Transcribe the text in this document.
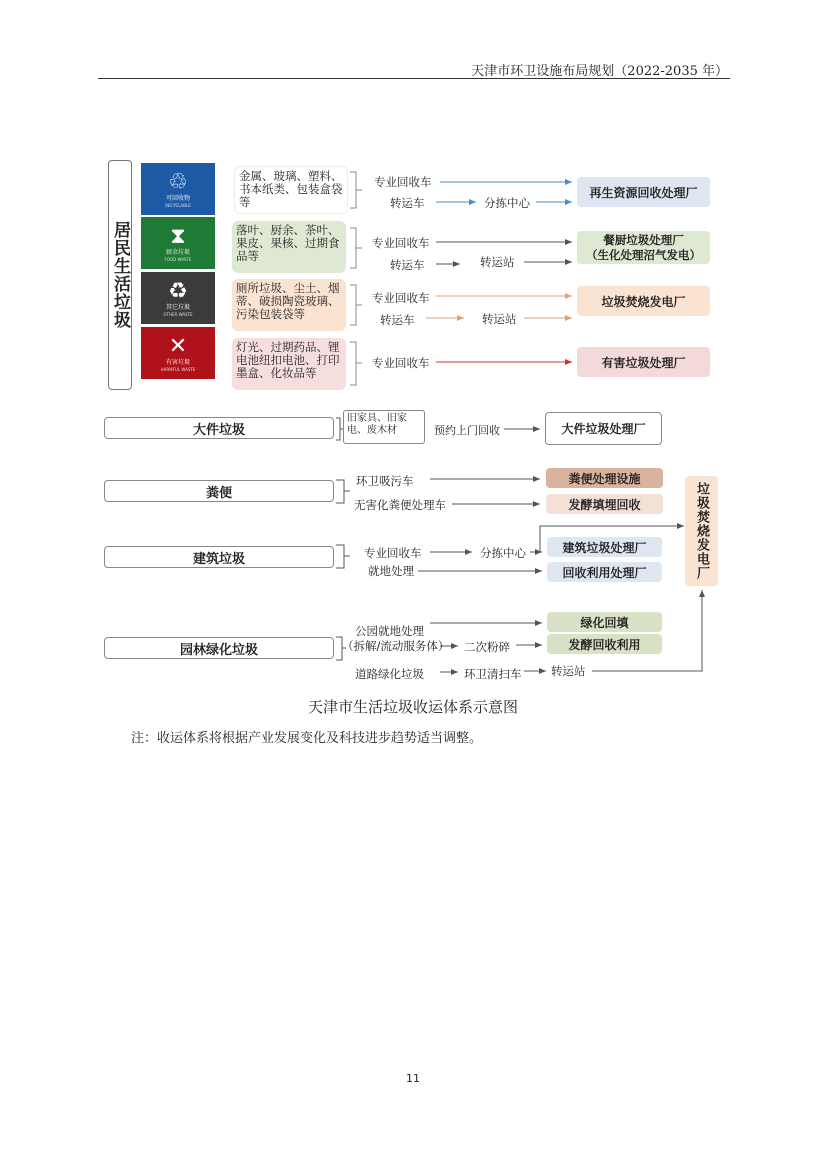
天津市环卫设施布局规划（2022-2035 年）
居民生活垃圾
♲
可回收物
RECYCLABLE
⧗
厨余垃圾
FOOD WASTE
♻
其它垃圾
OTHER WASTE
✕
有害垃圾
HARMFUL WASTE
金属、玻璃、塑料、书本纸类、包装盒袋等
落叶、厨余、茶叶、果皮、果核、过期食品等
厕所垃圾、尘土、烟蒂、破损陶瓷玻璃、污染包装袋等
灯光、过期药品、锂电池纽扣电池、打印墨盒、化妆品等
专业回收车
转运车	分拣中心
专业回收车
转运车	转运站
专业回收车
转运车	转运站
专业回收车
再生资源回收处理厂
餐厨垃圾处理厂
（生化处理沼气发电）
垃圾焚烧发电厂
有害垃圾处理厂
大件垃圾
旧家具、旧家电、废木材	预约上门回收	大件垃圾处理厂
粪便
环卫吸污车
无害化粪便处理车
粪便处理设施
发酵填埋回收
建筑垃圾	专业回收车
就地处理
分拣中心	建筑垃圾处理厂
回收利用处理厂
园林绿化垃圾
公园就地处理
（拆解/流动服务体） 二次粉碎
道路绿化垃圾	环卫清扫车	转运站
绿化回填
发酵回收利用
垃圾焚烧发电厂
天津市生活垃圾收运体系示意图
注：收运体系将根据产业发展变化及科技进步趋势适当调整。
11
